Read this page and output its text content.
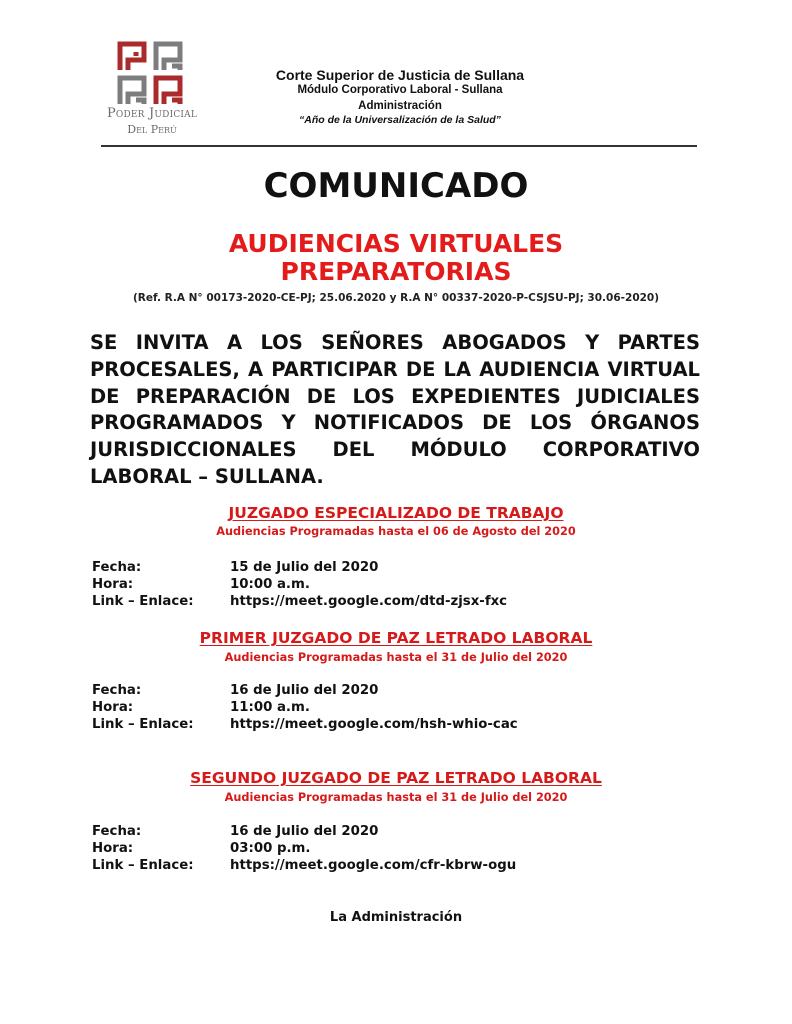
Poder Judicial
Del Perú
Corte Superior de Justicia de Sullana
Módulo Corporativo Laboral - Sullana
Administración
“Año de la Universalización de la Salud”
COMUNICADO
AUDIENCIAS VIRTUALES
PREPARATORIAS
(Ref. R.A N° 00173-2020-CE-PJ; 25.06.2020 y R.A N° 00337-2020-P-CSJSU-PJ; 30.06-2020)
SE INVITA A LOS SEÑORES ABOGADOS Y PARTES PROCESALES, A PARTICIPAR DE LA AUDIENCIA VIRTUAL DE PREPARACIÓN DE LOS EXPEDIENTES JUDICIALES PROGRAMADOS Y NOTIFICADOS DE LOS ÓRGANOS JURISDICCIONALES DEL MÓDULO CORPORATIVO LABORAL – SULLANA.
JUZGADO ESPECIALIZADO DE TRABAJO
Audiencias Programadas hasta el 06 de Agosto del 2020
Fecha:	15 de Julio del 2020
Hora:	10:00 a.m.
Link – Enlace:	https://meet.google.com/dtd-zjsx-fxc
PRIMER JUZGADO DE PAZ LETRADO LABORAL
Audiencias Programadas hasta el 31 de Julio del 2020
Fecha:	16 de Julio del 2020
Hora:	11:00 a.m.
Link – Enlace:	https://meet.google.com/hsh-whio-cac
SEGUNDO JUZGADO DE PAZ LETRADO LABORAL
Audiencias Programadas hasta el 31 de Julio del 2020
Fecha:	16 de Julio del 2020
Hora:	03:00 p.m.
Link – Enlace:	https://meet.google.com/cfr-kbrw-ogu
La Administración
